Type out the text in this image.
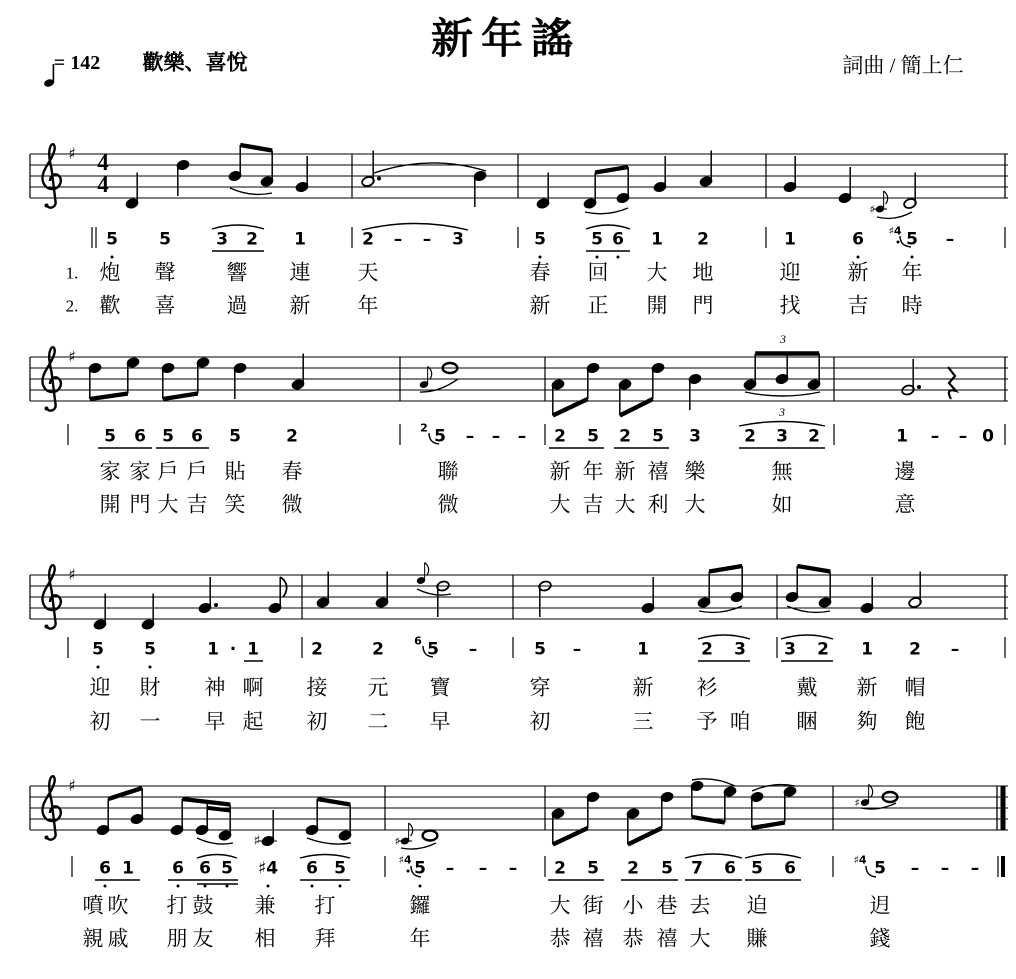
新年謠
= 142 歡樂、喜悅	詞曲 / 簡上仁
♯ 4
4
♯
♯
3
♯
♯
♯	♯
♯
5 5	3 2 1	2 – – 3	5	5 6 1 2	1	6 ♯4 5 –
1. 炮 聲 響 連 天	春 回 大 地	迎 新 年
2. 歡 喜 過 新 年	新 正 開 門	找 吉 時
5 6 5 6 5	2	2 5 – – – 2 5 2 5 3	2 3 2	1 – – 0
3
家 家 戶 戶 貼 春	聯	新 年 新 禧 樂	無	邊
開 門 大 吉 笑 微	微	大 吉 大 利 大	如	意
5 5	1 · 1	2	2	6 5 –	5 –	1	2 3 3 2 1 2 –
迎 財 神 啊 接 元 寶	穿	新 衫	戴 新 帽
初 一 早 起 初 二 早	初	三 予 咱 睏 夠 飽
6 1 6 6 5 ♯4 6 5	♯4 5 – – – 2 5 2 5 7 6 5 6	♯4 5 – – –
噴 吹 打 鼓 兼 打	鑼	大 街 小 巷 去 迫	迌
親 戚 朋 友 相 拜	年	恭 禧 恭 禧 大 賺	錢
